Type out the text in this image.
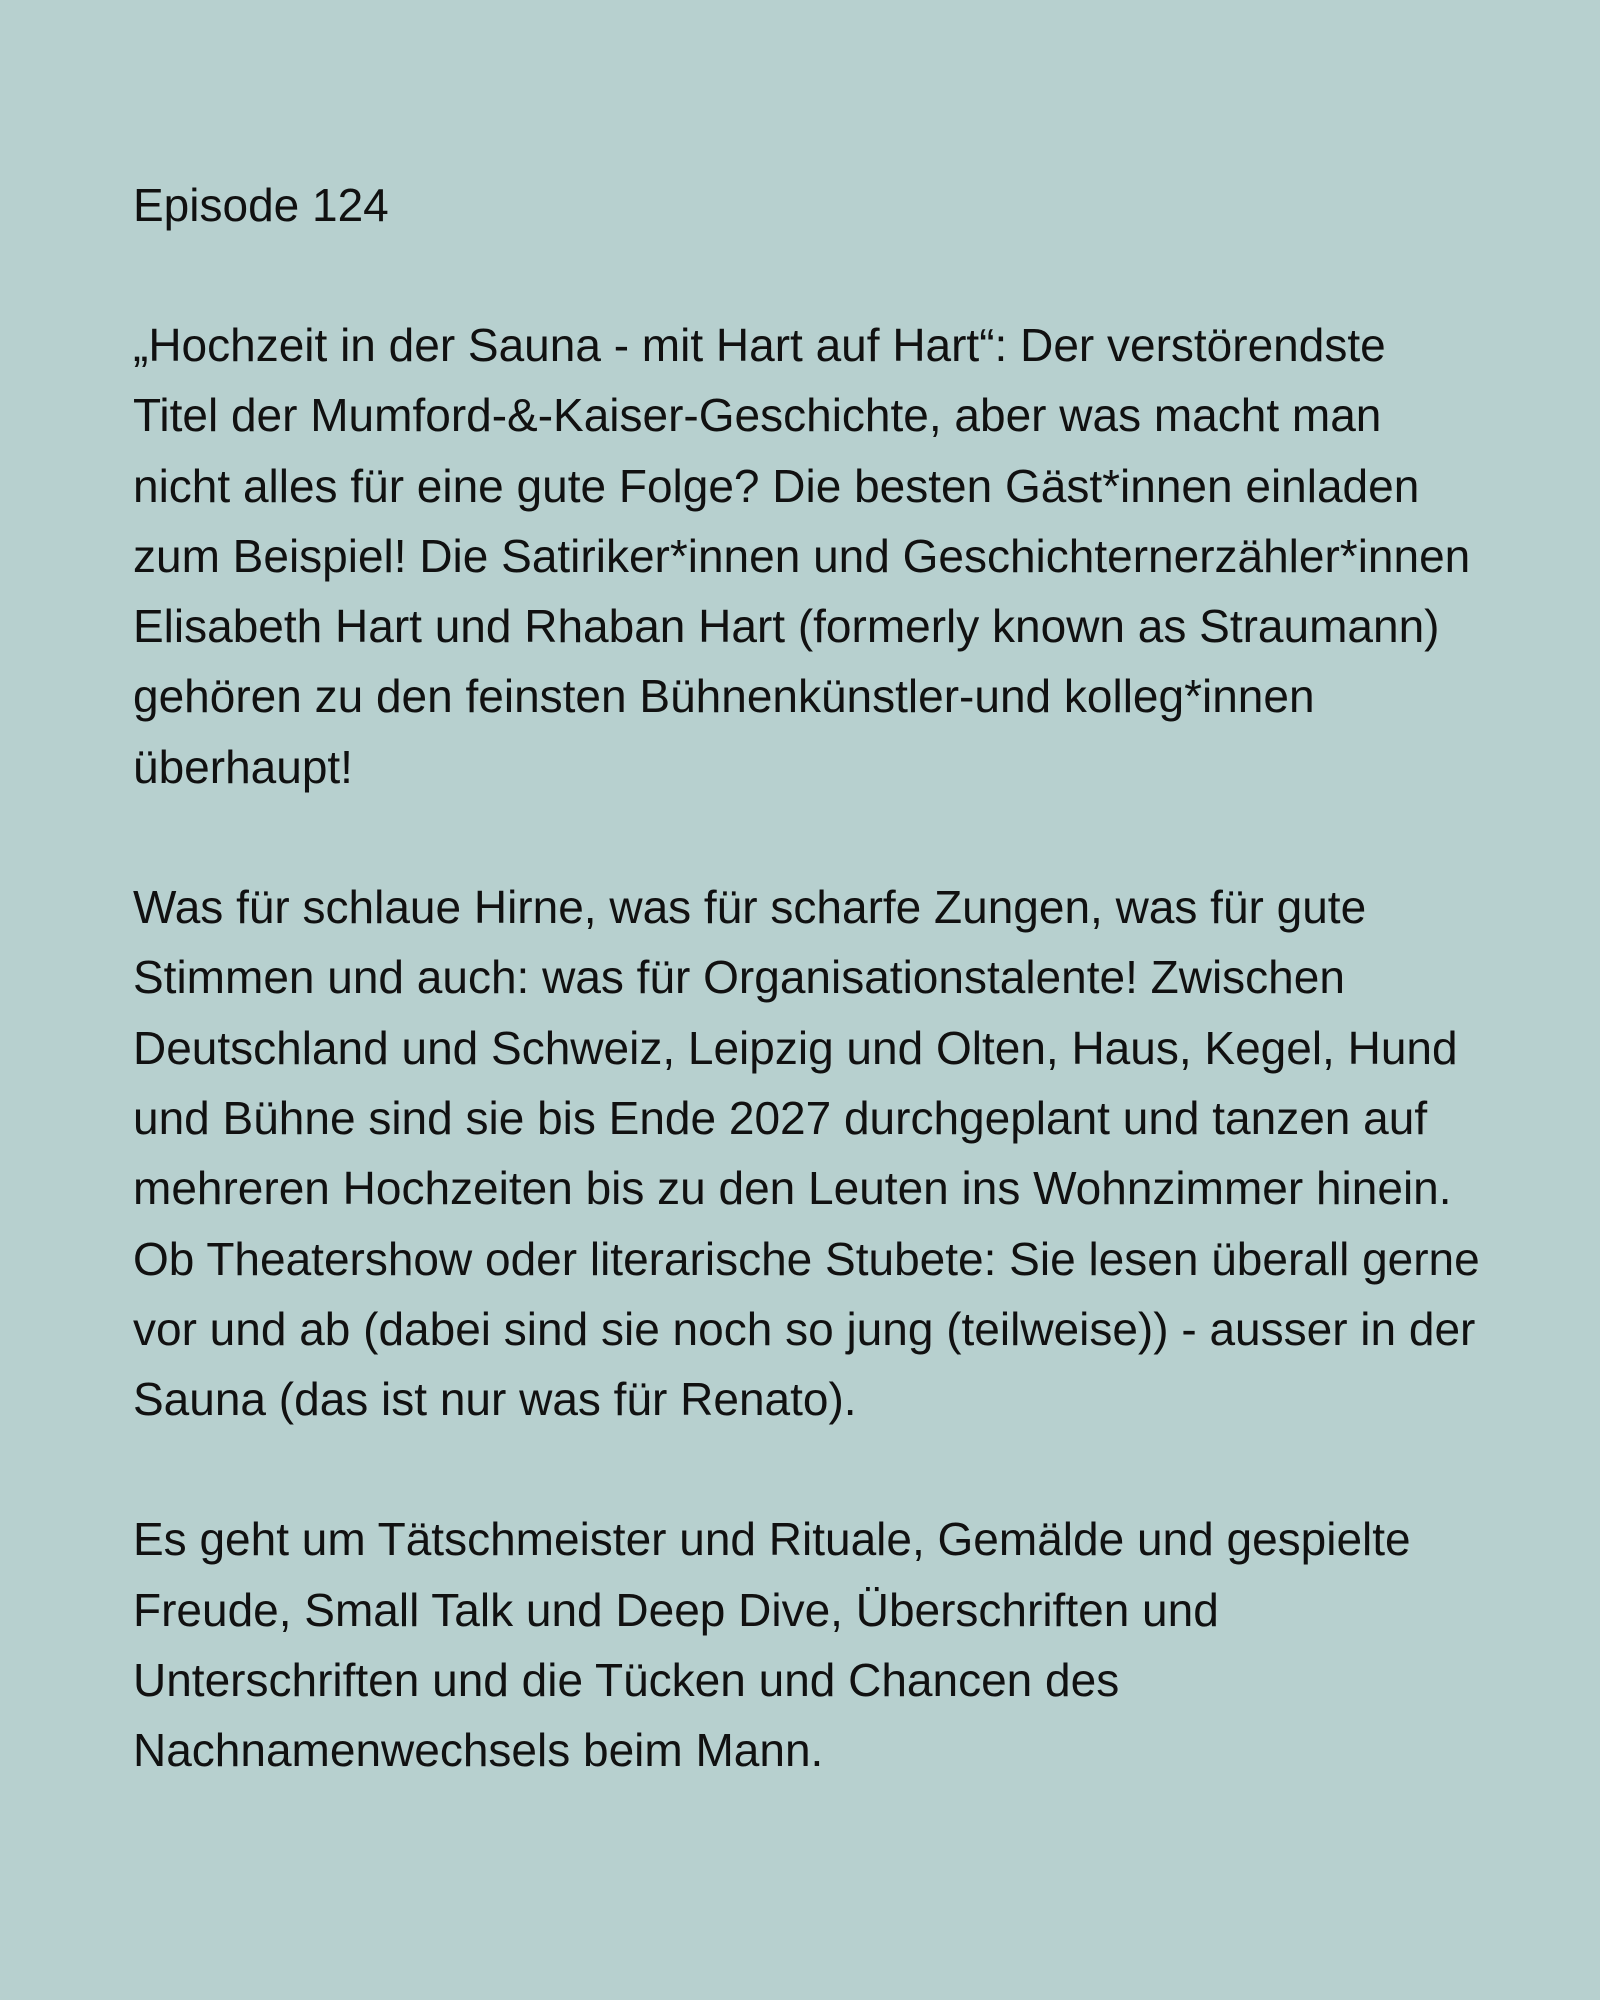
Episode 124

„Hochzeit in der Sauna - mit Hart auf Hart“: Der verstörendste Titel der Mumford-&-Kaiser-Geschichte, aber was macht man nicht alles für eine gute Folge? Die besten Gäst*innen einladen zum Beispiel! Die Satiriker*innen und Geschichternerzähler*innen Elisabeth Hart und Rhaban Hart (formerly known as Straumann) gehören zu den feinsten Bühnenkünstler-und kolleg*innen überhaupt!

Was für schlaue Hirne, was für scharfe Zungen, was für gute Stimmen und auch: was für Organisationstalente! Zwischen Deutschland und Schweiz, Leipzig und Olten, Haus, Kegel, Hund und Bühne sind sie bis Ende 2027 durchgeplant und tanzen auf mehreren Hochzeiten bis zu den Leuten ins Wohnzimmer hinein. Ob Theatershow oder literarische Stubete: Sie lesen überall gerne vor und ab (dabei sind sie noch so jung (teilweise)) - ausser in der Sauna (das ist nur was für Renato).

Es geht um Tätschmeister und Rituale, Gemälde und gespielte Freude, Small Talk und Deep Dive, Überschriften und Unterschriften und die Tücken und Chancen des Nachnamenwechsels beim Mann.
